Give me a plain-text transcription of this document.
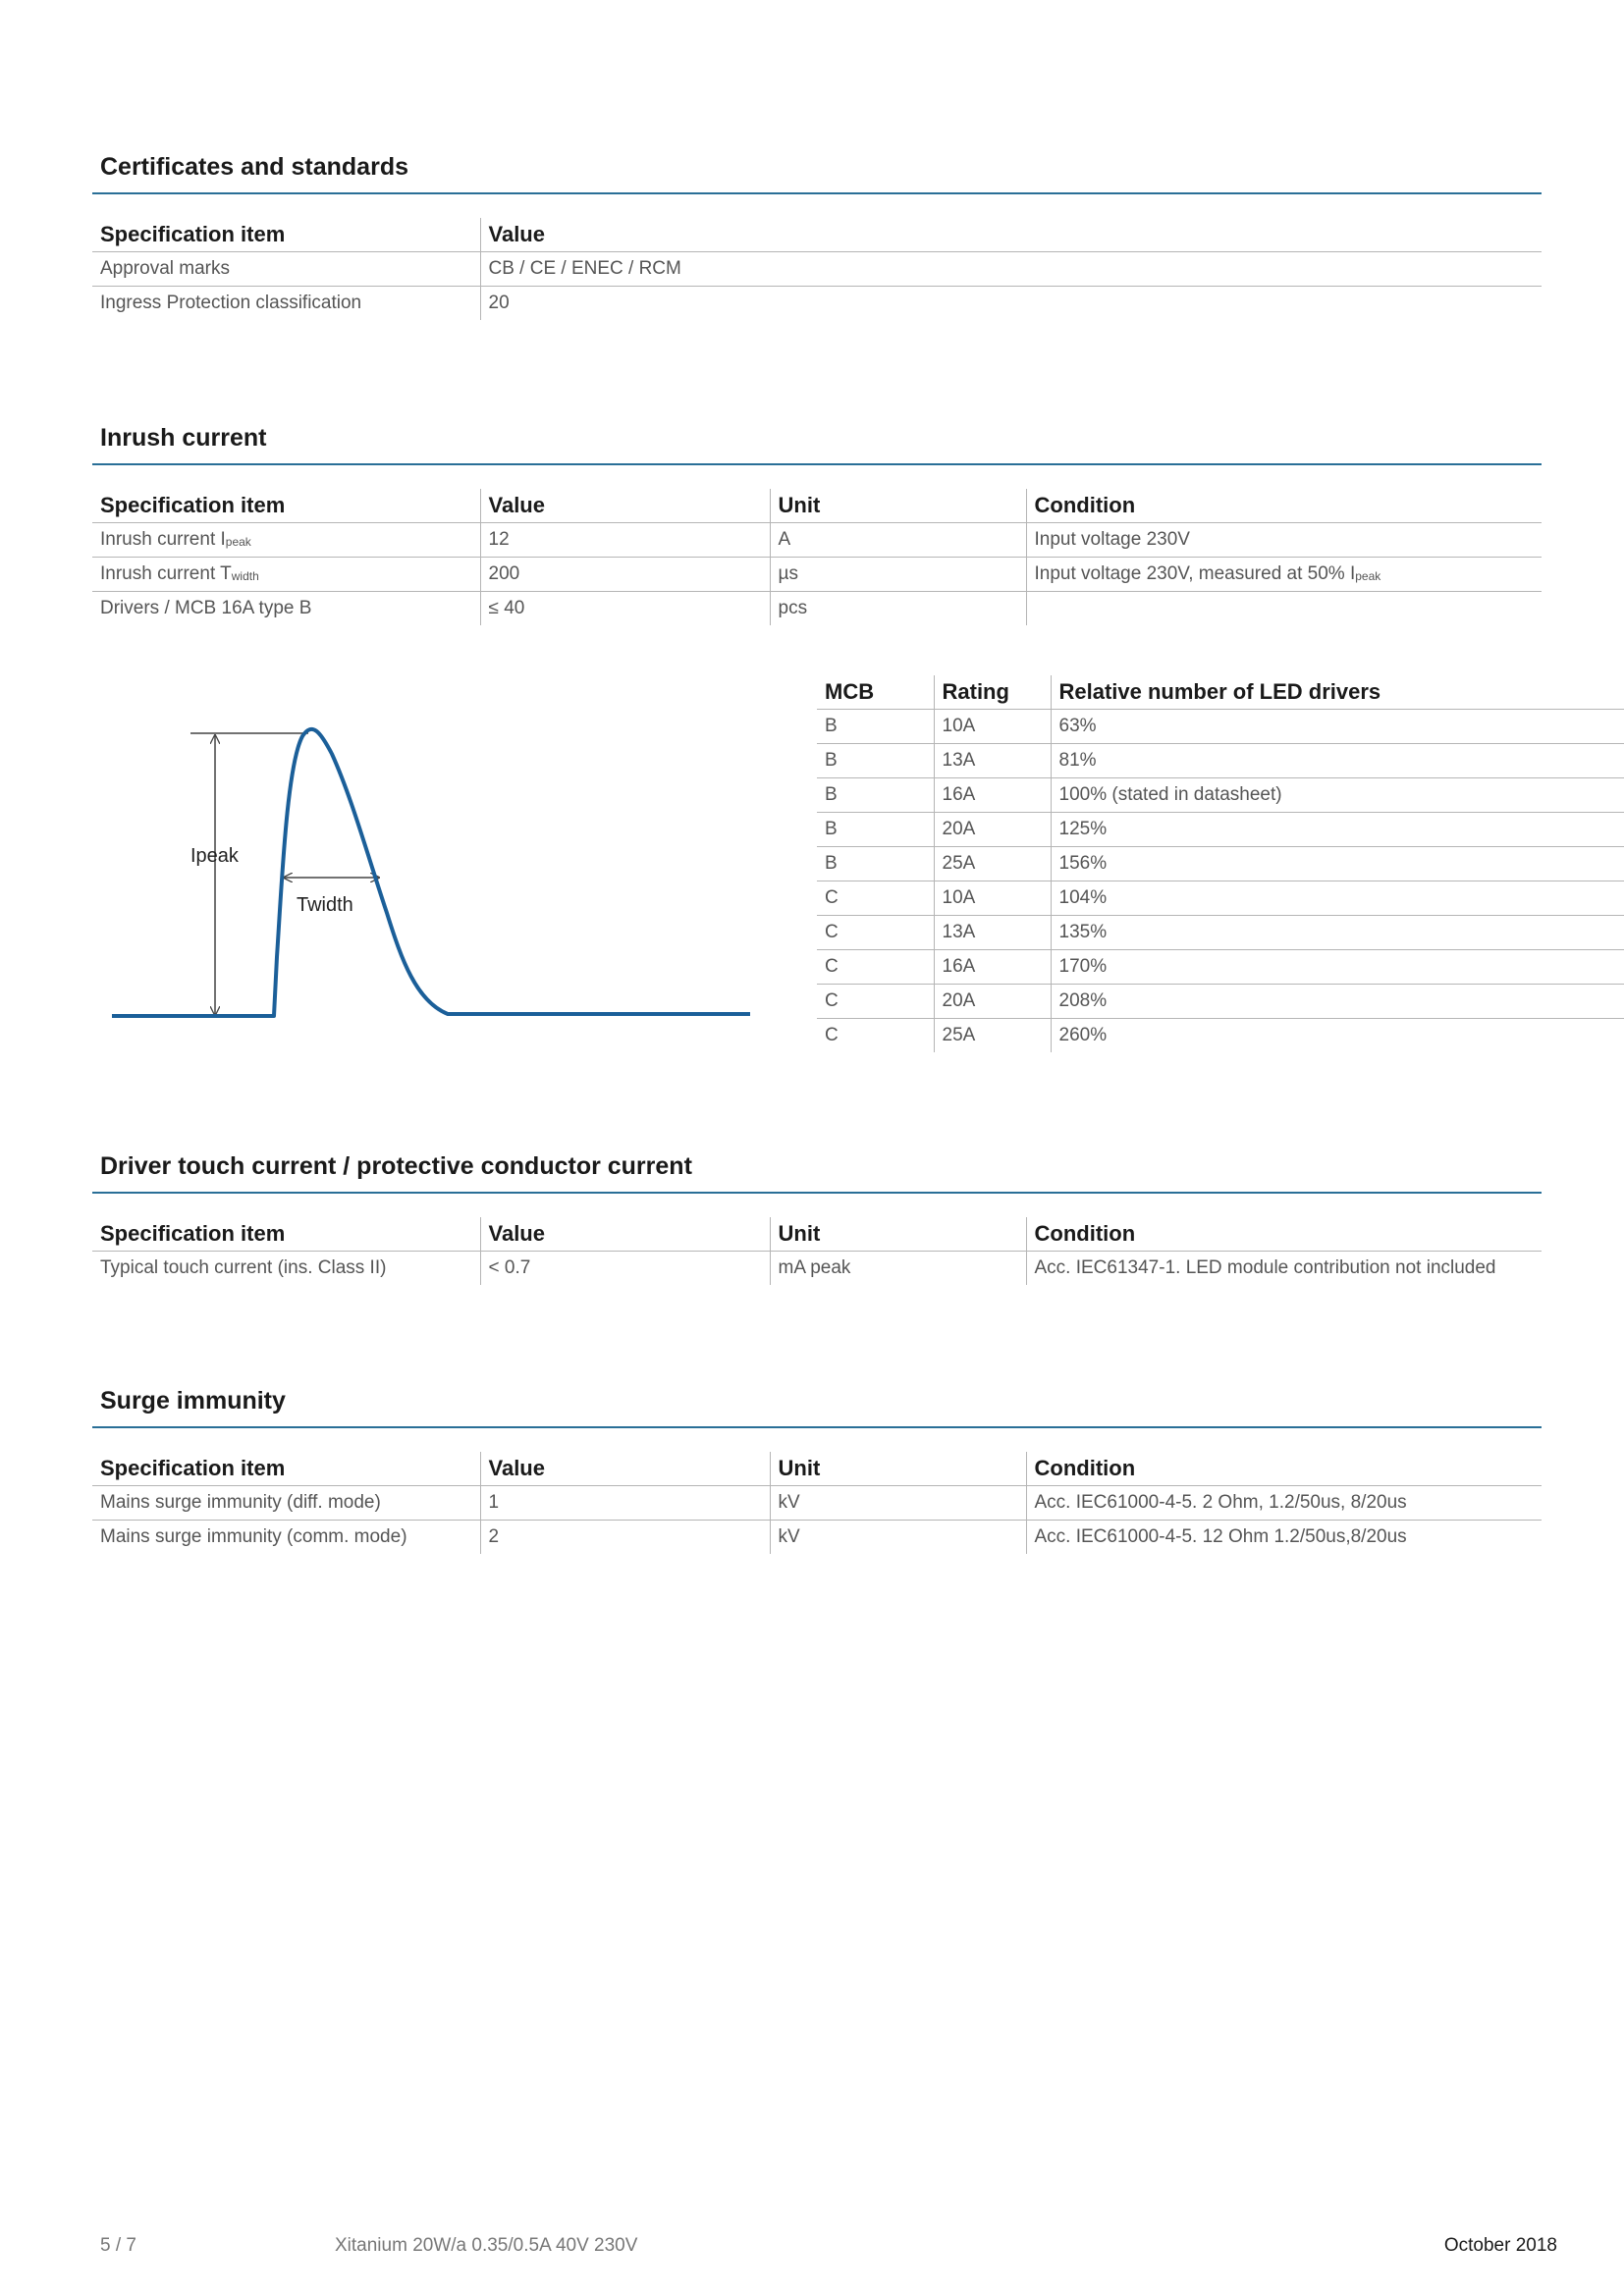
Certificates and standards
Specification item	Value
Approval marks	CB / CE / ENEC / RCM
Ingress Protection classification	20
Inrush current
Specification item	Value	Unit	Condition
Inrush current $I_{peak}$	12	A	Input voltage 230V
Inrush current $T_{width}$	200	µs	Input voltage 230V, measured at 50% $I_{peak}$
Drivers / MCB 16A type B	≤ 40	pcs	
Ipeak
Twidth
MCB	Rating	Relative number of LED drivers
B	10A	63%
B	13A	81%
B	16A	100% (stated in datasheet)
B	20A	125%
B	25A	156%
C	10A	104%
C	13A	135%
C	16A	170%
C	20A	208%
C	25A	260%
Driver touch current / protective conductor current
Specification item	Value	Unit	Condition
Typical touch current (ins. Class II)	< 0.7	mA peak	Acc. IEC61347-1. LED module contribution not included
Surge immunity
Specification item	Value	Unit	Condition
Mains surge immunity (diff. mode)	1	kV	Acc. IEC61000-4-5. 2 Ohm, 1.2/50us, 8/20us
Mains surge immunity (comm. mode)	2	kV	Acc. IEC61000-4-5. 12 Ohm 1.2/50us,8/20us
5 / 7	Xitanium 20W/a 0.35/0.5A 40V 230V	October 2018
